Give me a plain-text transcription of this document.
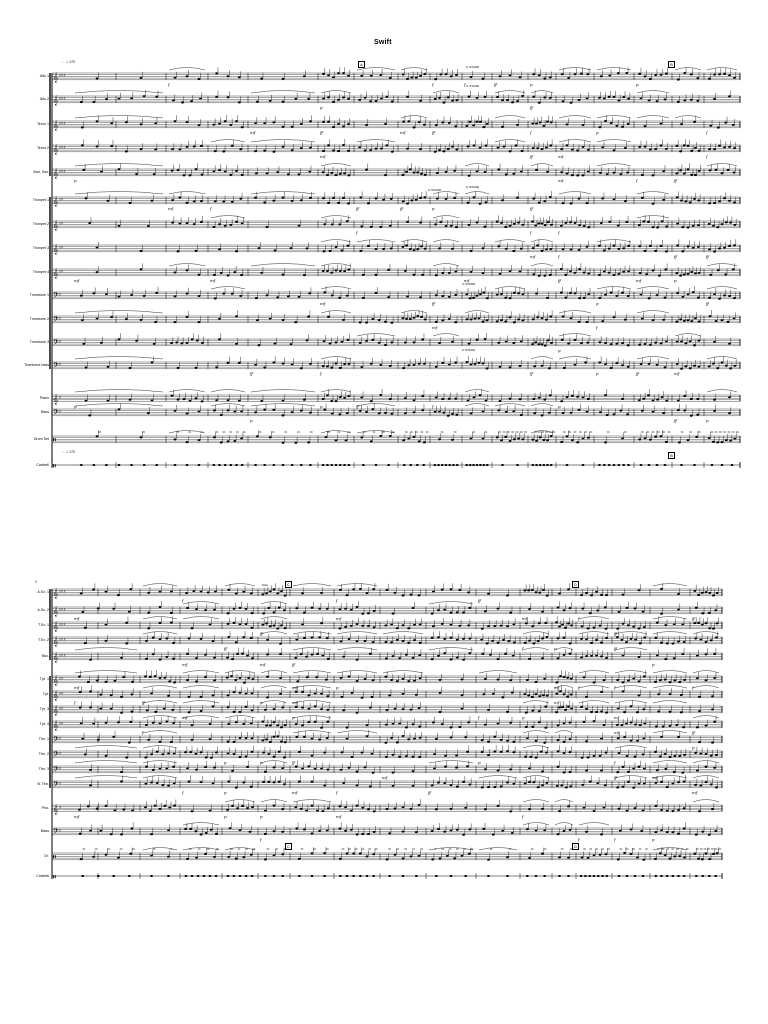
Swift
♩ = 170
♩ = 170
2
Alto 1
Alto 2
Tenor 1
Tenor 2
Bari. Sax.
Trumpet 1
Trumpet 2
Trumpet 3
Trumpet 4
Trombone 1
Trombone 2
Trombone 3
Trombone bass
Piano
Bass
Drum Set
Cowbell
A.Sx. 1
A.Sx. 2
T.Sx. 1
T.Sx. 2
Bsx.
Tpt. 1
Tpt.
Tpt. 3
Tpt. 4
Tbn. 1
Tbn. 2
Tbn. 3
B. Tbn.
Pno.
Bass
Dr.
Cowbell
A	B
B
in STAND
in STAND
in STAND
in STAND
in STAND
in STAND
C	D
C	D
Solo
𝄞 ♯♯♯
f	f	f	ff	p	p
𝄞 ♯♯♯
p	ff
𝄞 ♯♯♯
mf	ff	mf	ff	f	p	f
𝄞 ♯♯♯
mf	ff	mf	f
𝄞 ♯♯♯
p	mf	f	ff
𝄞 ♯♯
mf	f	ff	ff	p	ff
𝄞 ♯♯
f	f	f
𝄞 ♯♯
mf	f	ff	ff
𝄞 ♯♯
mf	mf	mf	ff	mf	p
𝄢 ♯
mf	ff	p	ff
𝄢 ♯
mf	f
𝄢 ♯
p
𝄢 ♯
ff	f	ff	p	ff	mf
𝄞 ♯
p	p	ff	f	p
𝄢 ♯
p	ff	p
𝄥
𝄥
𝄞 ♯♯♯
f	f	ff
𝄞 ♯♯♯
mf	mf	mf	f	ff
𝄞 ♯♯♯
ff	ff
𝄞 ♯♯♯
ff	f	p	ff
𝄞 ♯♯♯
mf	mf	ff	p
𝄞 ♯♯
mf	mf	p	mf	f	f	f
𝄞 ♯♯
f	ff	p	mf	mf
𝄞 ♯♯
mf	p	f	p	mf
𝄞 ♯♯
f	mf	ff
𝄢 ♯
p
𝄢 ♯
p	p	ff	p	f
𝄢 ♯
mf	ff	mf
𝄢 ♯
f	p	mf	f	ff	mf
𝄞 ♯
mf	p	p	mf	f
𝄢 ♯
f	f	f	p
𝄥
𝄥
